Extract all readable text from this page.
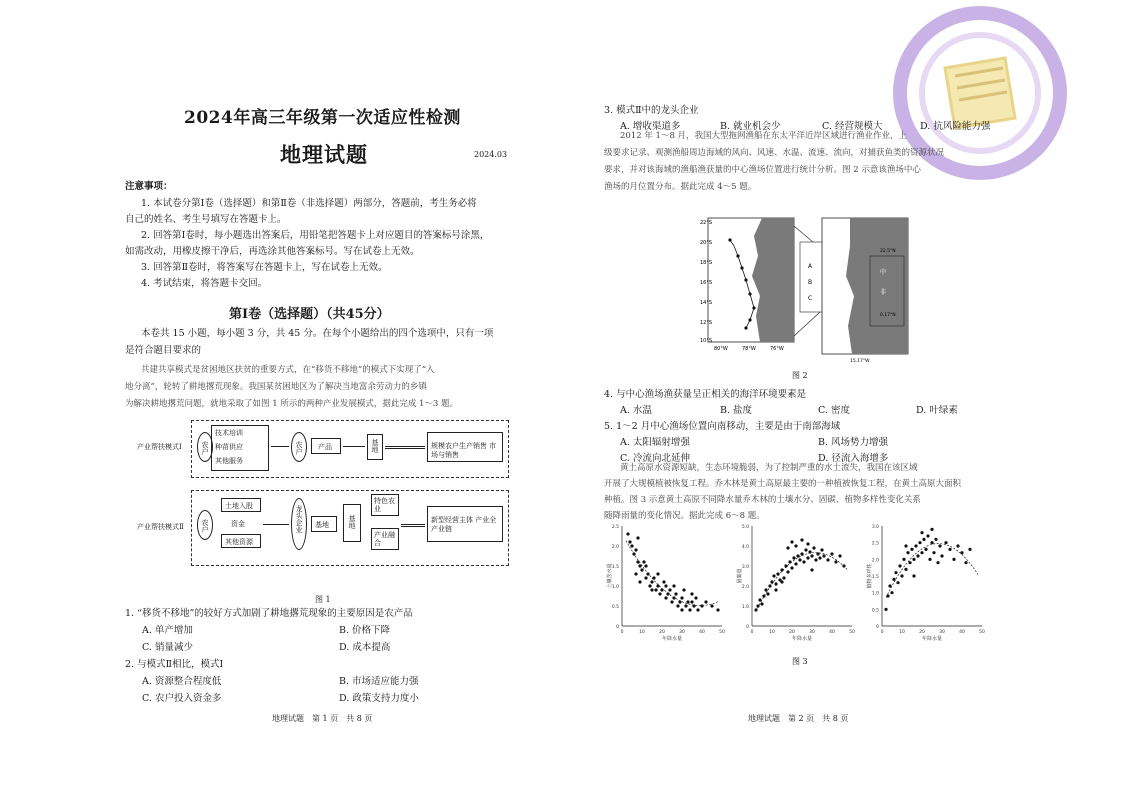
2024年高三年级第一次适应性检测
地理试题	2024.03
注意事项：
1. 本试卷分第Ⅰ卷（选择题）和第Ⅱ卷（非选择题）两部分，答题前，考生务必将
自己的姓名、考生号填写在答题卡上。
2. 回答第Ⅰ卷时，每小题选出答案后，用铅笔把答题卡上对应题目的答案标号涂黑，
如需改动，用橡皮擦干净后，再选涂其他答案标号。写在试卷上无效。
3. 回答第Ⅱ卷时，将答案写在答题卡上，写在试卷上无效。
4. 考试结束，将答题卡交回。
第Ⅰ卷（选择题）（共45分）
本卷共 15 小题，每小题 3 分，共 45 分。在每个小题给出的四个选项中，只有一项
是符合题目要求的
共建共享模式是贫困地区扶贫的重要方式，在“移货不移地”的模式下实现了“入
地分离”，轮转了耕地撂荒现象。我国某贫困地区为了解决当地富余劳动力的乡镇
为解决耕地撂荒问题，就地采取了如图 1 所示的两种产业发展模式，据此完成 1～3 题。
产业帮扶模式Ⅰ	农户
技术培训
种苗供应
其他服务
农户 产品	基地	规模农户生产销售 市场与销售
产业帮扶模式Ⅱ 农户
土地入股
资金
其他资源
龙头企业 基地	基地
特色农业
产业融合
新型经营主体 产业全产业链
图 1
1. “移货不移地”的较好方式加剧了耕地撂荒现象的主要原因是农产品
A. 单产增加	B. 价格下降
C. 销量减少	D. 成本提高
2. 与模式Ⅱ相比，模式Ⅰ
A. 资源整合程度低	B. 市场适应能力强
C. 农户投入资金多	D. 政策支持力度小
地理试题　第 1 页　共 8 页
3. 模式Ⅱ中的龙头企业
A. 增收渠道多	B. 就业机会少	C. 经营规模大	D. 抗风险能力强
2012 年 1～8 月，我国大型拖网渔船在东太平洋近岸区域进行渔业作业，上
级要求记录、观测渔船周边海域的风向、风速、水温、流速、流向，对捕获鱼类的资源状况
要求，并对该海域的渔船渔获量的中心渔场位置进行统计分析。图 2 示意该渔场中心
渔场的月位置分布。据此完成 4～5 题。
22°S
20°S
18°S
16°S
14°S
12°S
10°S
80°W	78°W	76°W
A
B
C
中
非
22.5°N
0.17°N
15.17°W
图 2
4. 与中心渔场渔获量呈正相关的海洋环境要素是
A. 水温	B. 盐度	C. 密度	D. 叶绿素
5. 1～2 月中心渔场位置向南移动，主要是由于南部海域
A. 太阳辐射增强	B. 风场势力增强
C. 冷流向北延伸	D. 径流入海增多
黄土高原水资源短缺，生态环境脆弱，为了控制严重的水土流失，我国在该区域
开展了大规模植被恢复工程。乔木林是黄土高原最主要的一种植被恢复工程，在黄土高原大面积
种植。图 3 示意黄土高原不同降水量乔木林的土壤水分、固碳、植物多样性变化关系
随降雨量的变化情况。据此完成 6～8 题。
2.5
2.0
1.5
1.0
0.5
0
0	10	20	30	40	50
年降水量
土壤含水量
5.0
4.0
3.0
2.0
1.0
0
0	10	20	30	40	50
年降水量
固碳量
3.0
2.5
2.0
1.5
1.0
0.5
0
0	10	20	30	40	50
年降水量
植物多样性
图 3
地理试题　第 2 页　共 8 页
